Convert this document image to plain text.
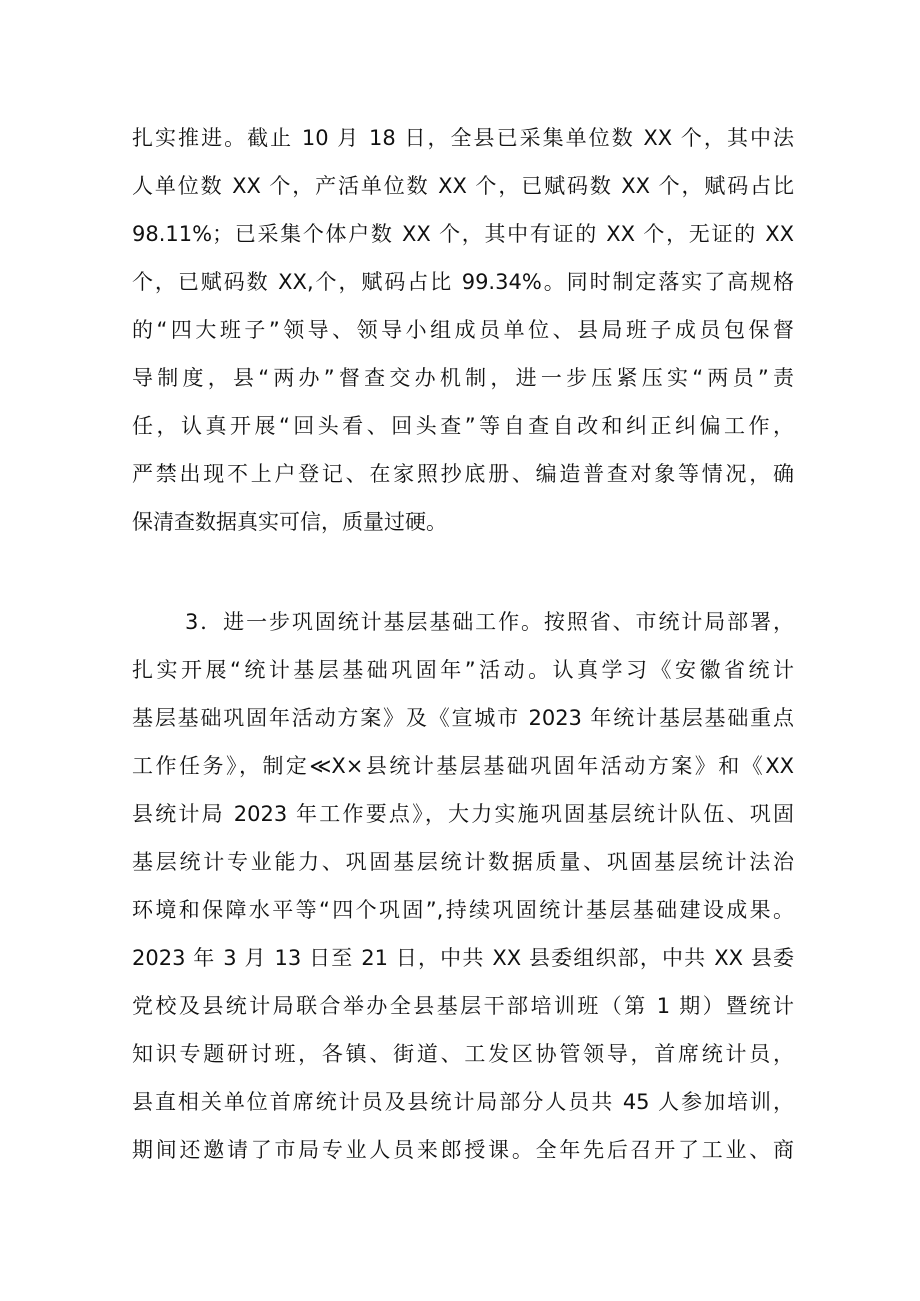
扎实推进。截止 10 月 18 日，全县已采集单位数 XX 个，其中法
人单位数 XX 个，产活单位数 XX 个，已赋码数 XX 个，赋码占比
98.11%；已采集个体户数 XX 个，其中有证的 XX 个，无证的 XX
个，已赋码数 XX,个，赋码占比 99.34%。同时制定落实了高规格
的“四大班子”领导、领导小组成员单位、县局班子成员包保督
导制度，县“两办”督查交办机制，进一步压紧压实“两员”责
任，认真开展“回头看、回头查”等自查自改和纠正纠偏工作，
严禁出现不上户登记、在家照抄底册、编造普查对象等情况，确
保清查数据真实可信，质量过硬。
3．进一步巩固统计基层基础工作。按照省、市统计局部署，
扎实开展“统计基层基础巩固年”活动。认真学习《安徽省统计
基层基础巩固年活动方案》及《宣城市 2023 年统计基层基础重点
工作任务》，制定≪X×县统计基层基础巩固年活动方案》和《XX
县统计局 2023 年工作要点》，大力实施巩固基层统计队伍、巩固
基层统计专业能力、巩固基层统计数据质量、巩固基层统计法治
环境和保障水平等“四个巩固”,持续巩固统计基层基础建设成果。
2023 年 3 月 13 日至 21 日，中共 XX 县委组织部，中共 XX 县委
党校及县统计局联合举办全县基层干部培训班（第 1 期）暨统计
知识专题研讨班，各镇、街道、工发区协管领导，首席统计员，
县直相关单位首席统计员及县统计局部分人员共 45 人参加培训，
期间还邀请了市局专业人员来郎授课。全年先后召开了工业、商
